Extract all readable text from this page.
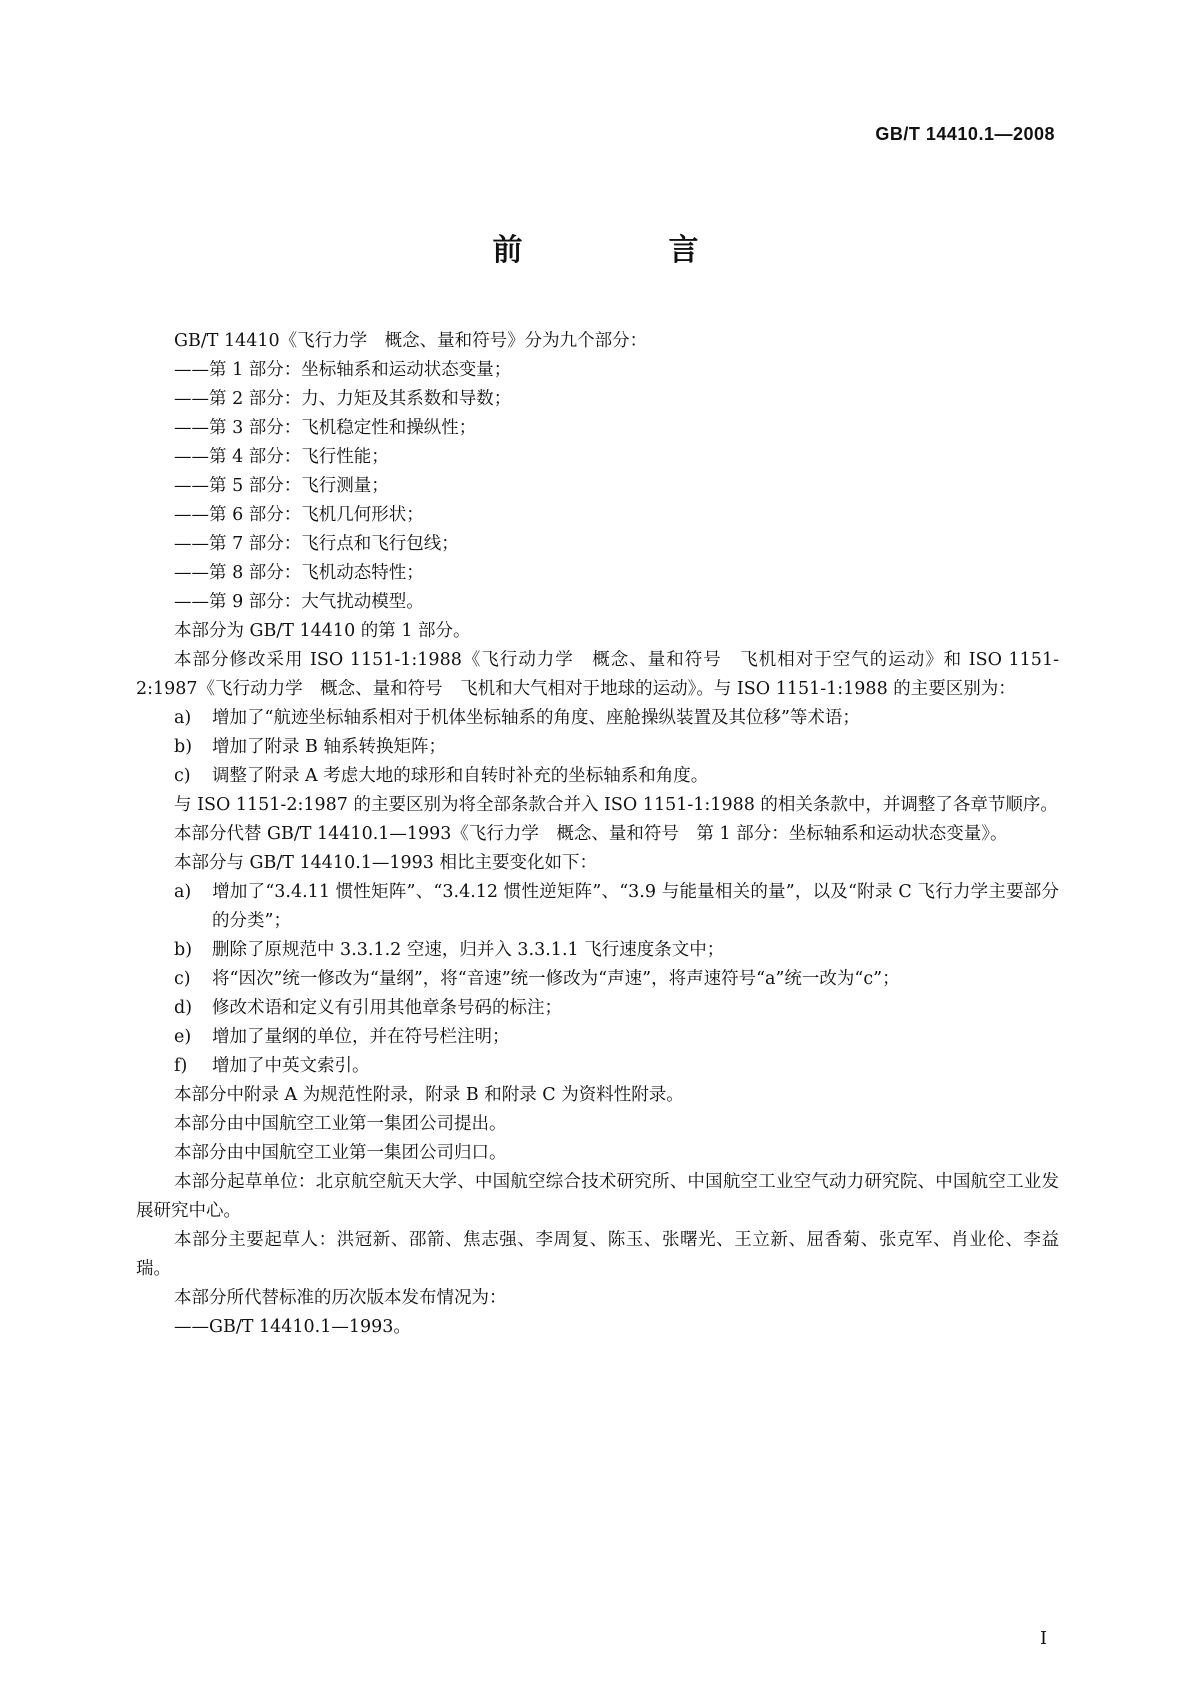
GB/T 14410.1—2008
前　言

GB/T 14410《飞行力学　概念、量和符号》分为九个部分：

——第 1 部分：坐标轴系和运动状态变量；

——第 2 部分：力、力矩及其系数和导数；

——第 3 部分：飞机稳定性和操纵性；

——第 4 部分：飞行性能；

——第 5 部分：飞行测量；

——第 6 部分：飞机几何形状；

——第 7 部分：飞行点和飞行包线；

——第 8 部分：飞机动态特性；

——第 9 部分：大气扰动模型。

本部分为 GB/T 14410 的第 1 部分。

本部分修改采用 ISO 1151-1:1988《飞行动力学　概念、量和符号　飞机相对于空气的运动》和 ISO 1151-2:1987《飞行动力学　概念、量和符号　飞机和大气相对于地球的运动》。与 ISO 1151-1:1988 的主要区别为：

a) 增加了“航迹坐标轴系相对于机体坐标轴系的角度、座舱操纵装置及其位移”等术语；

b) 增加了附录 B 轴系转换矩阵；

c) 调整了附录 A 考虑大地的球形和自转时补充的坐标轴系和角度。

与 ISO 1151-2:1987 的主要区别为将全部条款合并入 ISO 1151-1:1988 的相关条款中，并调整了各章节顺序。

本部分代替 GB/T 14410.1—1993《飞行力学　概念、量和符号　第 1 部分：坐标轴系和运动状态变量》。

本部分与 GB/T 14410.1—1993 相比主要变化如下：

a) 增加了“3.4.11 惯性矩阵”、“3.4.12 惯性逆矩阵”、“3.9 与能量相关的量”，以及“附录 C 飞行力学主要部分的分类”；

b) 删除了原规范中 3.3.1.2 空速，归并入 3.3.1.1 飞行速度条文中；

c) 将“因次”统一修改为“量纲”，将“音速”统一修改为“声速”，将声速符号“a”统一改为“c”；

d) 修改术语和定义有引用其他章条号码的标注；

e) 增加了量纲的单位，并在符号栏注明；

f) 增加了中英文索引。

本部分中附录 A 为规范性附录，附录 B 和附录 C 为资料性附录。

本部分由中国航空工业第一集团公司提出。

本部分由中国航空工业第一集团公司归口。

本部分起草单位：北京航空航天大学、中国航空综合技术研究所、中国航空工业空气动力研究院、中国航空工业发展研究中心。

本部分主要起草人：洪冠新、邵箭、焦志强、李周复、陈玉、张曙光、王立新、屈香菊、张克军、肖业伦、李益瑞。

本部分所代替标准的历次版本发布情况为：

——GB/T 14410.1—1993。

I
